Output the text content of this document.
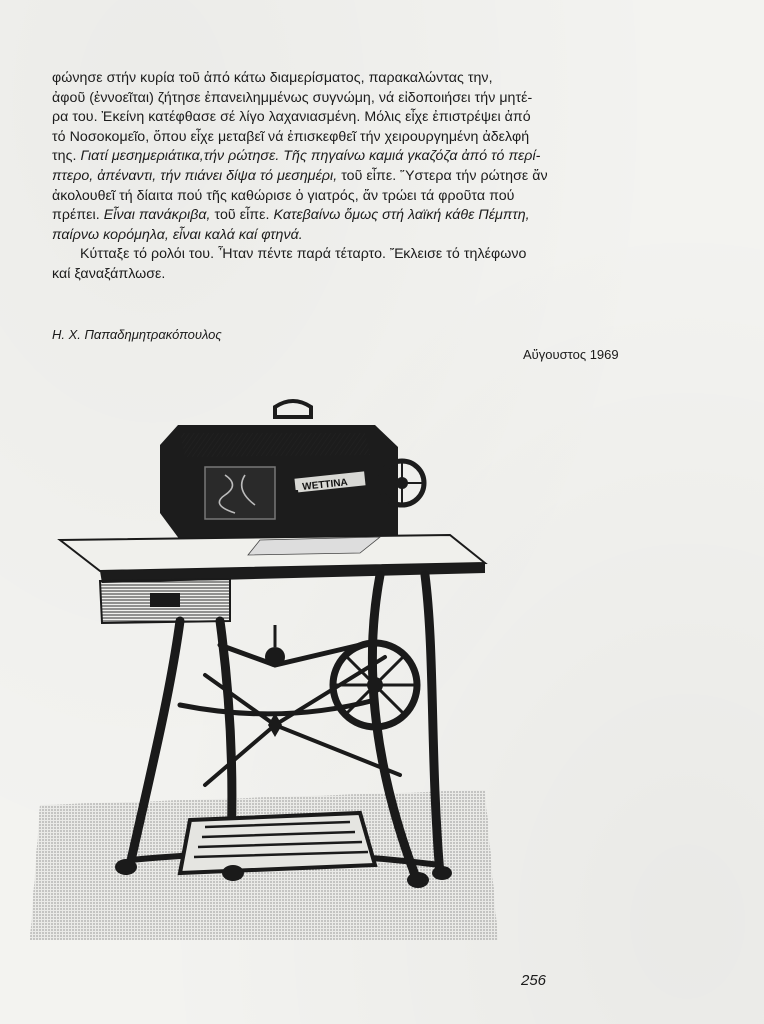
φώνησε στήν κυρία τοῦ ἀπό κάτω διαμερίσματος, παρακαλώντας την,
ἀφοῦ (ἐννοεῖται) ζήτησε ἐπανειλημμένως συγνώμη, νά εἰδοποιήσει τήν μητέ-
ρα του. Ἐκείνη κατέφθασε σέ λίγο λαχανιασμένη. Μόλις εἶχε ἐπιστρέψει ἀπό
τό Νοσοκομεῖο, ὅπου εἶχε μεταβεῖ νά ἐπισκεφθεῖ τήν χειρουργημένη ἀδελφή
της. Γιατί μεσημεριάτικα,τήν ρώτησε. Τῆς πηγαίνω καμιά γκαζόζα ἀπό τό περί-
πτερο, ἀπέναντι, τήν πιάνει δίψα τό μεσημέρι, τοῦ εἶπε. Ὕστερα τήν ρώτησε ἄν
ἀκολουθεῖ τή δίαιτα πού τῆς καθώρισε ὁ γιατρός, ἄν τρώει τά φροῦτα πού
πρέπει. Εἶναι πανάκριβα, τοῦ εἶπε. Κατεβαίνω ὅμως στή λαϊκή κάθε Πέμπτη,
παίρνω κορόμηλα, εἶναι καλά καί φτηνά.
Κύτταξε τό ρολόι του. Ἦταν πέντε παρά τέταρτο. Ἔκλεισε τό τηλέφωνο
καί ξαναξάπλωσε.
Η. Χ. Παπαδημητρακόπουλος
Αὔγουστος 1969
WETTINA
256
